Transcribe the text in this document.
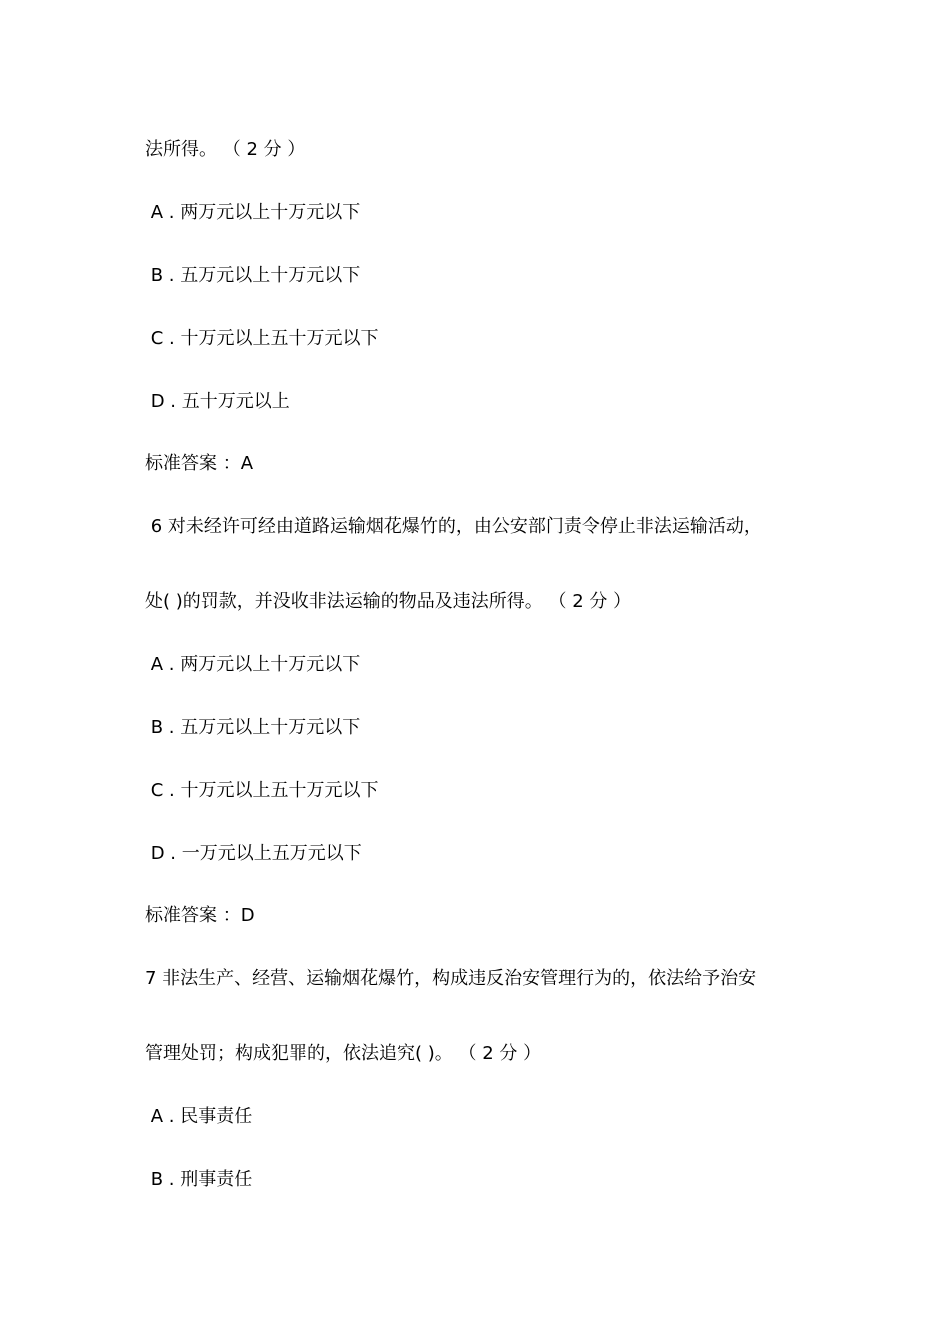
法所得。 （ 2 分 ）
A . 两万元以上十万元以下
B . 五万元以上十万元以下
C . 十万元以上五十万元以下
D . 五十万元以上
标准答案 ：A
6 对未经许可经由道路运输烟花爆竹的，由公安部门责令停止非法运输活动，
处( )的罚款，并没收非法运输的物品及违法所得。 （ 2 分 ）
A . 两万元以上十万元以下
B . 五万元以上十万元以下
C . 十万元以上五十万元以下
D . 一万元以上五万元以下
标准答案 ：D
7 非法生产、经营、运输烟花爆竹，构成违反治安管理行为的，依法给予治安
管理处罚；构成犯罪的，依法追究( )。 （ 2 分 ）
A . 民事责任
B . 刑事责任
